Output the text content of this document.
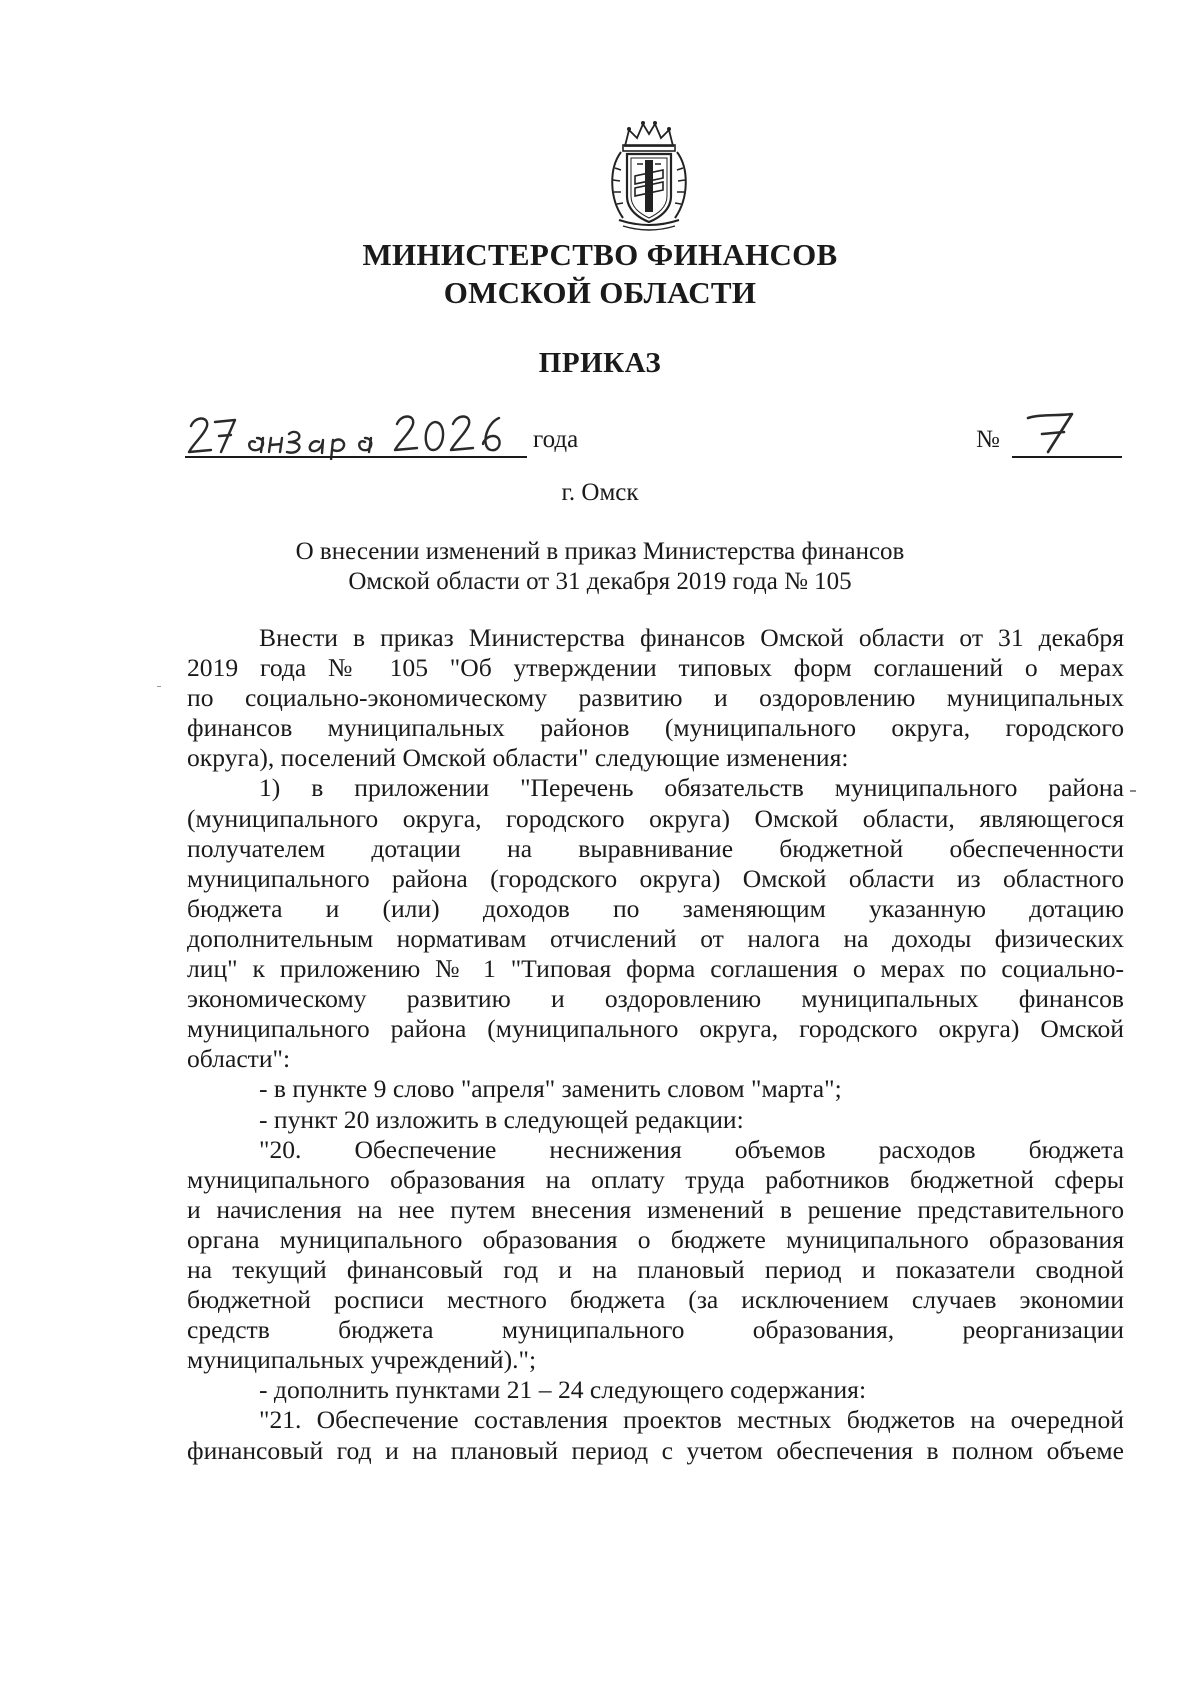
МИНИСТЕРСТВО ФИНАНСОВ
ОМСКОЙ ОБЛАСТИ
ПРИКАЗ
года	№
г. Омск
О внесении изменений в приказ Министерства финансов
Омской области от 31 декабря 2019 года № 105
Внести в приказ Министерства финансов Омской области от 31 декабря
2019 года № 105 "Об утверждении типовых форм соглашений о мерах
по социально-экономическому развитию и оздоровлению муниципальных
финансов муниципальных районов (муниципального округа, городского
округа), поселений Омской области" следующие изменения:
1) в приложении "Перечень обязательств муниципального района
(муниципального округа, городского округа) Омской области, являющегося
получателем дотации на выравнивание бюджетной обеспеченности
муниципального района (городского округа) Омской области из областного
бюджета и (или) доходов по заменяющим указанную дотацию
дополнительным нормативам отчислений от налога на доходы физических
лиц" к приложению № 1 "Типовая форма соглашения о мерах по социально-
экономическому развитию и оздоровлению муниципальных финансов
муниципального района (муниципального округа, городского округа) Омской
области":
- в пункте 9 слово "апреля" заменить словом "марта";
- пункт 20 изложить в следующей редакции:
"20. Обеспечение неснижения объемов расходов бюджета
муниципального образования на оплату труда работников бюджетной сферы
и начисления на нее путем внесения изменений в решение представительного
органа муниципального образования о бюджете муниципального образования
на текущий финансовый год и на плановый период и показатели сводной
бюджетной росписи местного бюджета (за исключением случаев экономии
средств бюджета муниципального образования, реорганизации
муниципальных учреждений).";
- дополнить пунктами 21 – 24 следующего содержания:
"21. Обеспечение составления проектов местных бюджетов на очередной
финансовый год и на плановый период с учетом обеспечения в полном объеме
